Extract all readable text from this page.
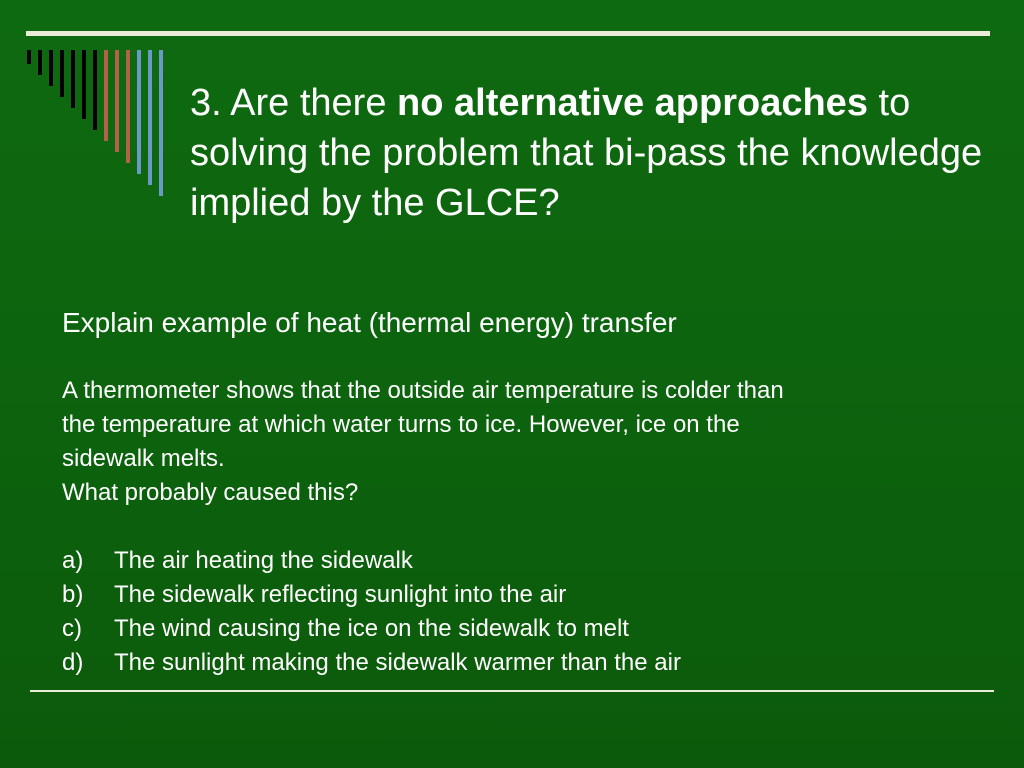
3. Are there no alternative approaches to solving the problem that bi-pass the knowledge implied by the GLCE?

Explain example of heat (thermal energy) transfer

A thermometer shows that the outside air temperature is colder than
the temperature at which water turns to ice. However, ice on the
sidewalk melts.
What probably caused this?

a)	The air heating the sidewalk
b)	The sidewalk reflecting sunlight into the air
c)	The wind causing the ice on the sidewalk to melt
d)	The sunlight making the sidewalk warmer than the air
